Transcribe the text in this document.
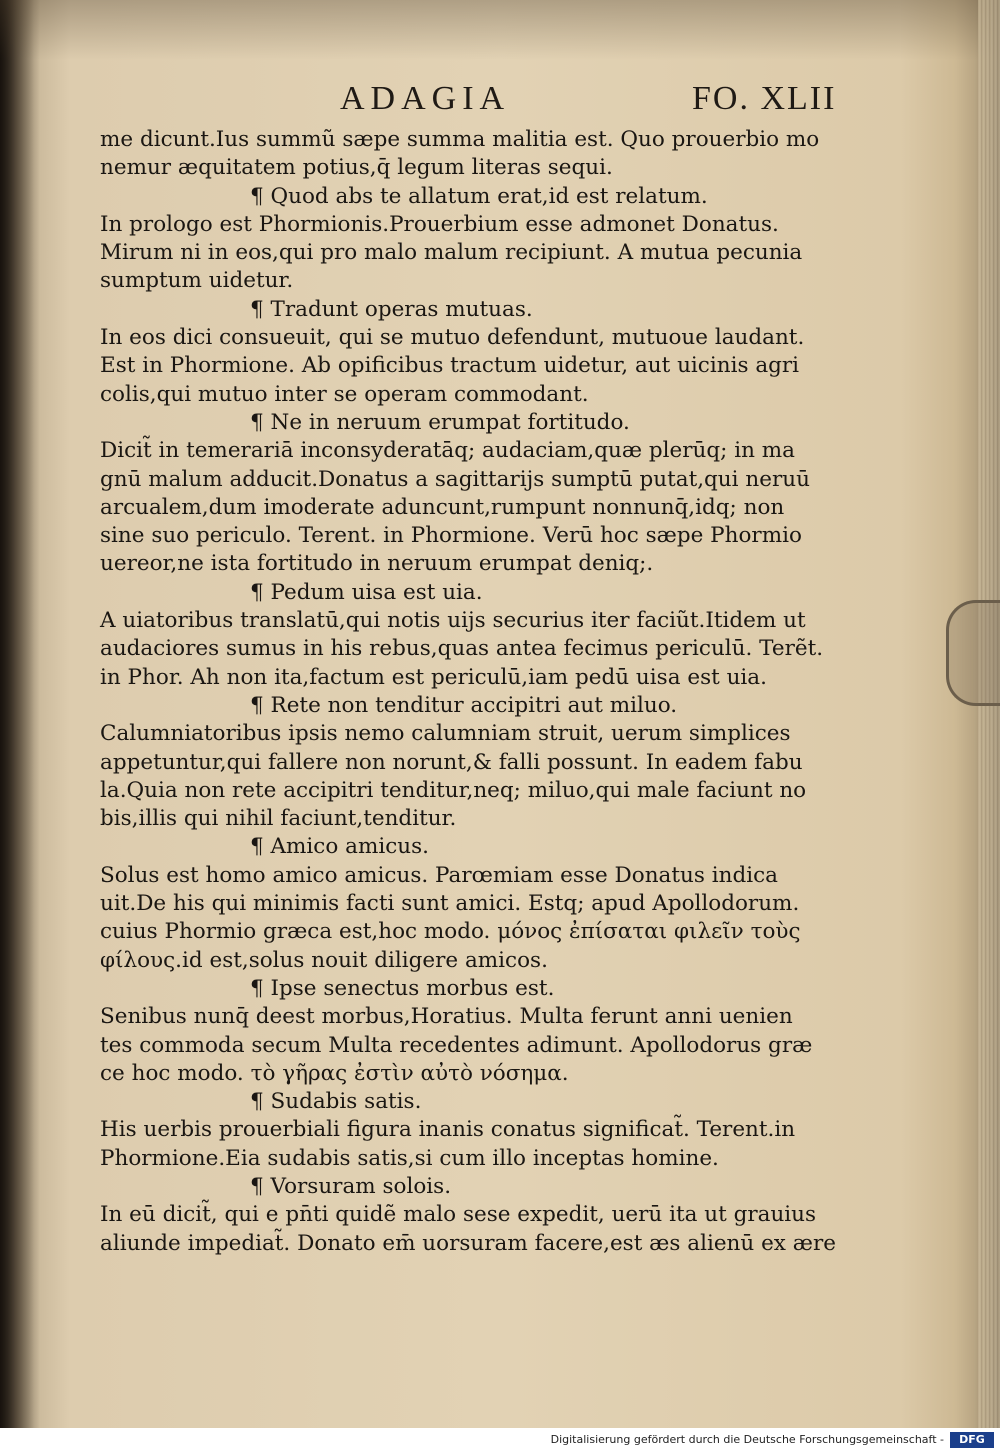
ADAGIA	FO. XLII
me dicunt.Ius summũ sæpe summa malitia est. Quo prouerbio mo
nemur æquitatem potius,q̄ legum literas sequi.
¶ Quod abs te allatum erat,id est relatum.
In prologo est Phormionis.Prouerbium esse admonet Donatus.
Mirum ni in eos,qui pro malo malum recipiunt. A mutua pecunia
sumptum uidetur.
¶ Tradunt operas mutuas.
In eos dici consueuit, qui se mutuo defendunt, mutuoue laudant.
Est in Phormione. Ab opificibus tractum uidetur, aut uicinis agri
colis,qui mutuo inter se operam commodant.
¶ Ne in neruum erumpat fortitudo.
Dicit̃ in temerariā inconsyderatāq; audaciam,quæ plerūq; in ma
gnū malum adducit.Donatus a sagittarijs sumptū putat,qui neruū
arcualem,dum imoderate aduncunt,rumpunt nonnunq̄,idq; non
sine suo periculo. Terent. in Phormione. Verū hoc sæpe Phormio
uereor,ne ista fortitudo in neruum erumpat deniq;.
¶ Pedum uisa est uia.
A uiatoribus translatū,qui notis uijs securius iter faciũt.Itidem ut
audaciores sumus in his rebus,quas antea fecimus periculū. Terẽt.
in Phor. Ah non ita,factum est periculū,iam pedū uisa est uia.
¶ Rete non tenditur accipitri aut miluo.
Calumniatoribus ipsis nemo calumniam struit, uerum simplices
appetuntur,qui fallere non norunt,& falli possunt. In eadem fabu
la.Quia non rete accipitri tenditur,neq; miluo,qui male faciunt no
bis,illis qui nihil faciunt,tenditur.
¶ Amico amicus.
Solus est homo amico amicus. Parœmiam esse Donatus indica
uit.De his qui minimis facti sunt amici. Estq; apud Apollodorum.
cuius Phormio græca est,hoc modo. μόνος ἐπίσαται φιλεῖν τοὺς
φίλους.id est,solus nouit diligere amicos.
¶ Ipse senectus morbus est.
Senibus nunq̄ deest morbus,Horatius. Multa ferunt anni uenien
tes commoda secum Multa recedentes adimunt. Apollodorus græ
ce hoc modo. τὸ γῆρας ἐστὶν αὐτὸ νόσημα.
¶ Sudabis satis.
His uerbis prouerbiali figura inanis conatus significat̃. Terent.in
Phormione.Eia sudabis satis,si cum illo inceptas homine.
¶ Vorsuram solois.
In eū dicit̃, qui e pn̄ti quidẽ malo sese expedit, uerū ita ut grauius
aliunde impediat̃. Donato em̄ uorsuram facere,est æs alienū ex ære
Digitalisierung gefördert durch die Deutsche Forschungsgemeinschaft -	DFG
